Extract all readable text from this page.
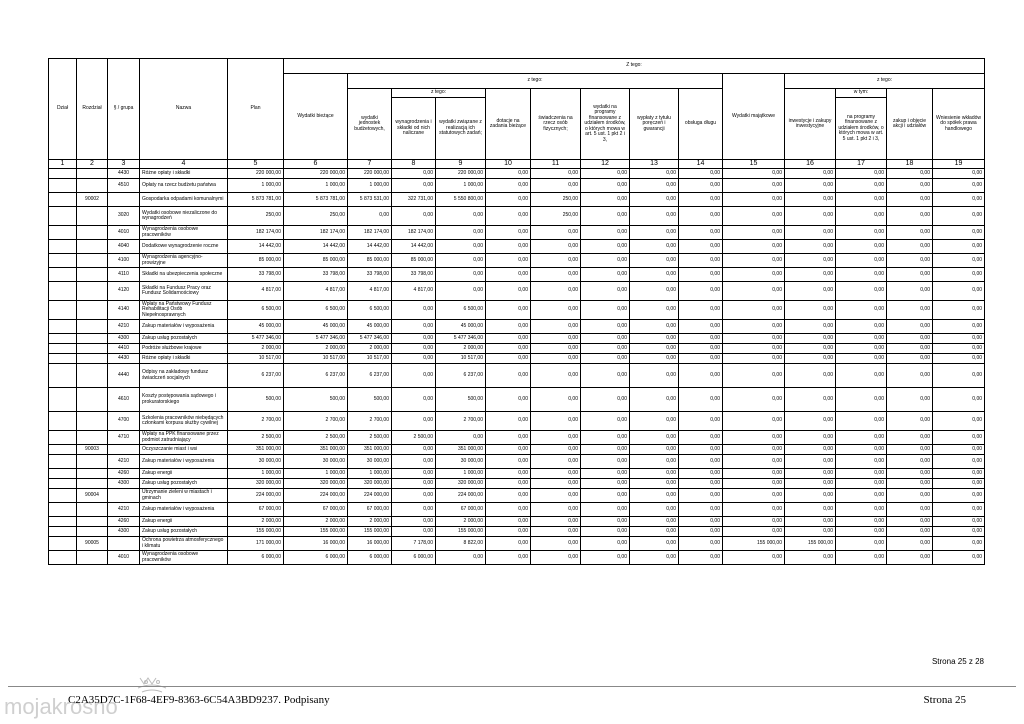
Dział	Rozdział	§ / grupa	Nazwa	Plan	Z tego:													
					Wydatki bieżące	z tego:								Wydatki majątkowe	z tego:			
						wydatki jednostek budżetowych,	z tego:		dotacje na zadania bieżące	świadczenia na rzecz osób fizycznych;	wydatki na programy finansowane z udziałem środków, o których mowa w art. 5 ust. 1 pkt 2 i 3,	wypłaty z tytułu poręczeń i gwarancji	obsługa długu		inwestycje i zakupy inwestycyjne	w tym:	zakup i objęcie akcji i udziałów	Wniesienie wkładów do spółek prawa handlowego
							wynagrodzenia i składki od nich naliczane	wydatki związane z realizacją ich statutowych zadań;								na programy finansowane z udziałem środków, o których mowa w art. 5 ust. 1 pkt 2 i 3,		
1	2	3	4	5	6	7	8	9	10	11	12	13	14	15	16	17	18	19
		4430	Różne opłaty i składki	220 000,00	220 000,00	220 000,00	0,00	220 000,00	0,00	0,00	0,00	0,00	0,00	0,00	0,00	0,00	0,00	0,00
		4510	Opłaty na rzecz budżetu państwa	1 000,00	1 000,00	1 000,00	0,00	1 000,00	0,00	0,00	0,00	0,00	0,00	0,00	0,00	0,00	0,00	0,00
	90002		Gospodarka odpadami komunalnymi	5 873 781,00	5 873 781,00	5 873 531,00	322 731,00	5 550 800,00	0,00	250,00	0,00	0,00	0,00	0,00	0,00	0,00	0,00	0,00
		3020	Wydatki osobowe niezaliczone do wynagrodzeń	250,00	250,00	0,00	0,00	0,00	0,00	250,00	0,00	0,00	0,00	0,00	0,00	0,00	0,00	0,00
		4010	Wynagrodzenia osobowe pracowników	182 174,00	182 174,00	182 174,00	182 174,00	0,00	0,00	0,00	0,00	0,00	0,00	0,00	0,00	0,00	0,00	0,00
		4040	Dodatkowe wynagrodzenie roczne	14 442,00	14 442,00	14 442,00	14 442,00	0,00	0,00	0,00	0,00	0,00	0,00	0,00	0,00	0,00	0,00	0,00
		4100	Wynagrodzenia agencyjno-prowizyjne	85 000,00	85 000,00	85 000,00	85 000,00	0,00	0,00	0,00	0,00	0,00	0,00	0,00	0,00	0,00	0,00	0,00
		4110	Składki na ubezpieczenia społeczne	33 798,00	33 798,00	33 798,00	33 798,00	0,00	0,00	0,00	0,00	0,00	0,00	0,00	0,00	0,00	0,00	0,00
		4120	Składki na Fundusz Pracy oraz Fundusz Solidarnościowy	4 817,00	4 817,00	4 817,00	4 817,00	0,00	0,00	0,00	0,00	0,00	0,00	0,00	0,00	0,00	0,00	0,00
		4140	Wpłaty na Państwowy Fundusz Rehabilitacji Osób Niepełnosprawnych	6 500,00	6 500,00	6 500,00	0,00	6 500,00	0,00	0,00	0,00	0,00	0,00	0,00	0,00	0,00	0,00	0,00
		4210	Zakup materiałów i wyposażenia	45 000,00	45 000,00	45 000,00	0,00	45 000,00	0,00	0,00	0,00	0,00	0,00	0,00	0,00	0,00	0,00	0,00
		4300	Zakup usług pozostałych	5 477 346,00	5 477 346,00	5 477 346,00	0,00	5 477 346,00	0,00	0,00	0,00	0,00	0,00	0,00	0,00	0,00	0,00	0,00
		4410	Podróże służbowe krajowe	2 000,00	2 000,00	2 000,00	0,00	2 000,00	0,00	0,00	0,00	0,00	0,00	0,00	0,00	0,00	0,00	0,00
		4430	Różne opłaty i składki	10 517,00	10 517,00	10 517,00	0,00	10 517,00	0,00	0,00	0,00	0,00	0,00	0,00	0,00	0,00	0,00	0,00
		4440	Odpisy na zakładowy fundusz świadczeń socjalnych	6 237,00	6 237,00	6 237,00	0,00	6 237,00	0,00	0,00	0,00	0,00	0,00	0,00	0,00	0,00	0,00	0,00
		4610	Koszty postępowania sądowego i prokuratorskiego	500,00	500,00	500,00	0,00	500,00	0,00	0,00	0,00	0,00	0,00	0,00	0,00	0,00	0,00	0,00
		4700	Szkolenia pracowników niebędących członkami korpusu służby cywilnej	2 700,00	2 700,00	2 700,00	0,00	2 700,00	0,00	0,00	0,00	0,00	0,00	0,00	0,00	0,00	0,00	0,00
		4710	Wpłaty na PPK finansowane przez podmiot zatrudniający	2 500,00	2 500,00	2 500,00	2 500,00	0,00	0,00	0,00	0,00	0,00	0,00	0,00	0,00	0,00	0,00	0,00
	90003		Oczyszczanie miast i wsi	351 000,00	351 000,00	351 000,00	0,00	351 000,00	0,00	0,00	0,00	0,00	0,00	0,00	0,00	0,00	0,00	0,00
		4210	Zakup materiałów i wyposażenia	30 000,00	30 000,00	30 000,00	0,00	30 000,00	0,00	0,00	0,00	0,00	0,00	0,00	0,00	0,00	0,00	0,00
		4260	Zakup energii	1 000,00	1 000,00	1 000,00	0,00	1 000,00	0,00	0,00	0,00	0,00	0,00	0,00	0,00	0,00	0,00	0,00
		4300	Zakup usług pozostałych	320 000,00	320 000,00	320 000,00	0,00	320 000,00	0,00	0,00	0,00	0,00	0,00	0,00	0,00	0,00	0,00	0,00
	90004		Utrzymanie zieleni w miastach i gminach	224 000,00	224 000,00	224 000,00	0,00	224 000,00	0,00	0,00	0,00	0,00	0,00	0,00	0,00	0,00	0,00	0,00
		4210	Zakup materiałów i wyposażenia	67 000,00	67 000,00	67 000,00	0,00	67 000,00	0,00	0,00	0,00	0,00	0,00	0,00	0,00	0,00	0,00	0,00
		4260	Zakup energii	2 000,00	2 000,00	2 000,00	0,00	2 000,00	0,00	0,00	0,00	0,00	0,00	0,00	0,00	0,00	0,00	0,00
		4300	Zakup usług pozostałych	155 000,00	155 000,00	155 000,00	0,00	155 000,00	0,00	0,00	0,00	0,00	0,00	0,00	0,00	0,00	0,00	0,00
	90005		Ochrona powietrza atmosferycznego i klimatu	171 000,00	16 000,00	16 000,00	7 178,00	8 822,00	0,00	0,00	0,00	0,00	0,00	155 000,00	155 000,00	0,00	0,00	0,00
		4010	Wynagrodzenia osobowe pracowników	6 000,00	6 000,00	6 000,00	6 000,00	0,00	0,00	0,00	0,00	0,00	0,00	0,00	0,00	0,00	0,00	0,00
Strona 25 z 28
mojakrosno
C2A35D7C-1F68-4EF9-8363-6C54A3BD9237. Podpisany	Strona 25
